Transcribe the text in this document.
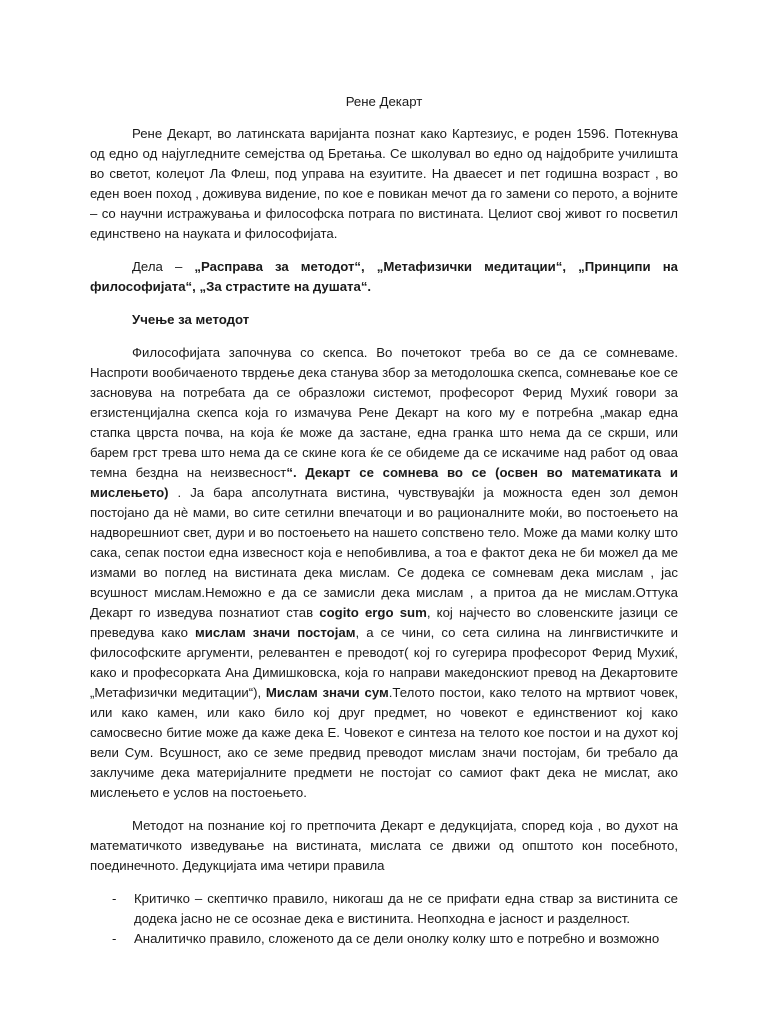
Рене Декарт

Рене Декарт, во латинската варијанта познат како Картезиус, е роден 1596. Потекнува од едно од најугледните семејства од Бретања. Се школувал во едно од најдобрите училишта во светот, колеџот Ла Флеш, под управа на езуитите. На дваесет и пет годишна возраст , во еден воен поход , доживува видение, по кое е повикан мечот да го замени со перото, а војните – со научни истражувања и философска потрага по вистината. Целиот свој живот го посветил единствено на науката и философијата.

Дела – „Расправа за методот“, „Метафизички медитации“, „Принципи на философијата“, „За страстите на душата“.

Учење за методот

Философијата започнува со скепса. Во почетокот треба во се да се сомневаме. Наспроти вообичаеното тврдење дека станува збор за методолошка скепса, сомневање кое се засновува на потребата да се образложи системот, професорот Ферид Мухиќ говори за егзистенцијална скепса која го измачува Рене Декарт на кого му е потребна „макар една стапка цврста почва, на која ќе може да застане, една гранка што нема да се скрши, или барем грст трева што нема да се скине кога ќе се обидеме да се искачиме над работ од оваа темна бездна на неизвесност“. Декарт се сомнева во се (освен во математиката и мислењето) . Ја бара апсолутната вистина, чувствувајќи ја можноста еден зол демон постојано да нè мами, во сите сетилни впечатоци и во рационалните моќи, во постоењето на надворешниот свет, дури и во постоењето на нашето сопствено тело. Може да мами колку што сака, сепак постои една извесност која е непобивлива, а тоа е фактот дека не би можел да ме измами во поглед на вистината дека мислам. Се додека се сомневам дека мислам , јас всушност мислам.Неможно е да се замисли дека мислам , а притоа да не мислам.Оттука Декарт го изведува познатиот став cogito ergo sum, кој најчесто во словенските јазици се преведува како мислам значи постојам, а се чини, со сета силина на лингвистичките и философските аргументи, релевантен е преводот( кој го сугерира професорот Ферид Мухиќ, како и професорката Ана Димишковска, која го направи македонскиот превод на Декартовите „Метафизички медитации“), Мислам значи сум.Телото постои, како телото на мртвиот човек, или како камен, или како било кој друг предмет, но човекот е единствениот кој како самосвесно битие може да каже дека Е. Човекот е синтеза на телото кое постои и на духот кој вели Сум. Всушност, ако се земе предвид преводот мислам значи постојам, би требало да заклучиме дека материјалните предмети не постојат со самиот факт дека не мислат, ако мислењето е услов на постоењето.

Методот на познание кој го претпочита Декарт е дедукцијата, според која , во духот на математичкото изведување на вистината, мислата се движи од општото кон посебното, поединечното. Дедукцијата има четири правила

- Критичко – скептичко правило, никогаш да не се прифати една ствар за вистинита се додека јасно не се осознае дека е вистинита. Неопходна е јасност и разделност.
- Аналитичко правило, сложеното да се дели онолку колку што е потребно и возможно
